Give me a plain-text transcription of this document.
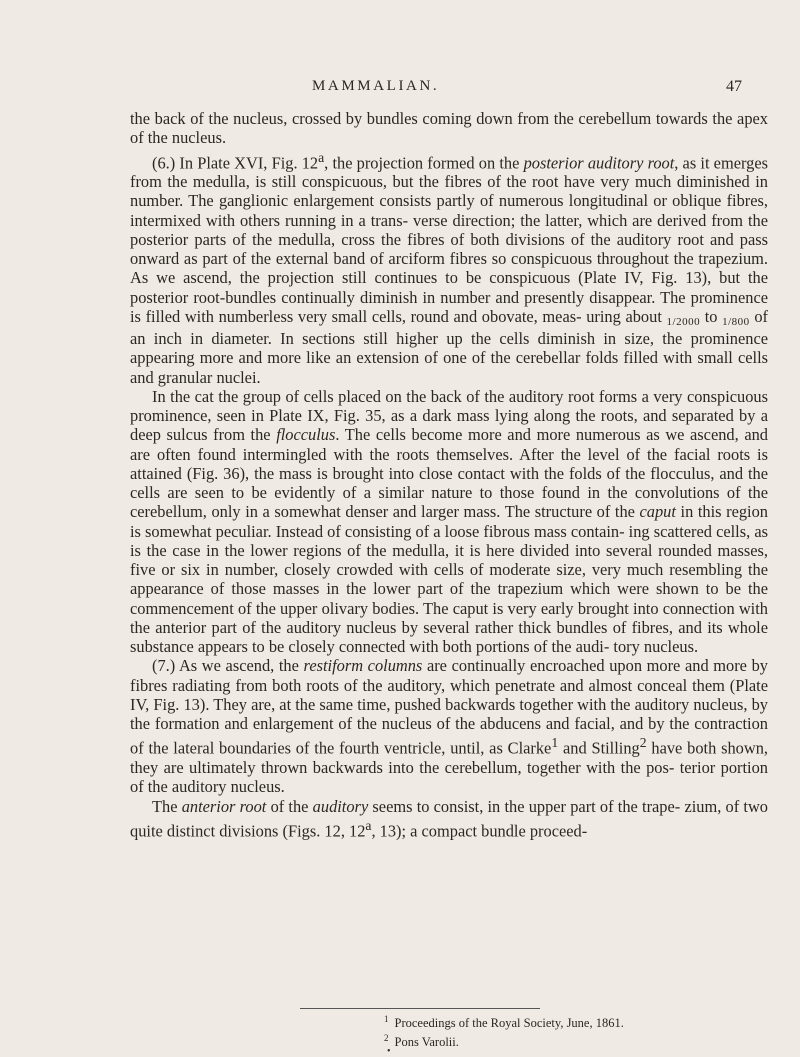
MAMMALIAN.	47

the back of the nucleus, crossed by bundles coming down from the cerebellum towards the apex of the nucleus.

(6.) In Plate XVI, Fig. 12$^a$, the projection formed on the posterior auditory root, as it emerges from the medulla, is still conspicuous, but the fibres of the root have very much diminished in number. The ganglionic enlargement consists partly of numerous longitudinal or oblique fibres, intermixed with others running in a trans- verse direction; the latter, which are derived from the posterior parts of the medulla, cross the fibres of both divisions of the auditory root and pass onward as part of the external band of arciform fibres so conspicuous throughout the trapezium. As we ascend, the projection still continues to be conspicuous (Plate IV, Fig. 13), but the posterior root-bundles continually diminish in number and presently disappear. The prominence is filled with numberless very small cells, round and obovate, meas- uring about 1/2000 to 1/800 of an inch in diameter. In sections still higher up the cells diminish in size, the prominence appearing more and more like an extension of one of the cerebellar folds filled with small cells and granular nuclei.

In the cat the group of cells placed on the back of the auditory root forms a very conspicuous prominence, seen in Plate IX, Fig. 35, as a dark mass lying along the roots, and separated by a deep sulcus from the flocculus. The cells become more and more numerous as we ascend, and are often found intermingled with the roots themselves. After the level of the facial roots is attained (Fig. 36), the mass is brought into close contact with the folds of the flocculus, and the cells are seen to be evidently of a similar nature to those found in the convolutions of the cerebellum, only in a somewhat denser and larger mass. The structure of the caput in this region is somewhat peculiar. Instead of consisting of a loose fibrous mass contain- ing scattered cells, as is the case in the lower regions of the medulla, it is here divided into several rounded masses, five or six in number, closely crowded with cells of moderate size, very much resembling the appearance of those masses in the lower part of the trapezium which were shown to be the commencement of the upper olivary bodies. The caput is very early brought into connection with the anterior part of the auditory nucleus by several rather thick bundles of fibres, and its whole substance appears to be closely connected with both portions of the audi- tory nucleus.

(7.) As we ascend, the restiform columns are continually encroached upon more and more by fibres radiating from both roots of the auditory, which penetrate and almost conceal them (Plate IV, Fig. 13). They are, at the same time, pushed backwards together with the auditory nucleus, by the formation and enlargement of the nucleus of the abducens and facial, and by the contraction of the lateral boundaries of the fourth ventricle, until, as Clarke$^1$ and Stilling$^2$ have both shown, they are ultimately thrown backwards into the cerebellum, together with the pos- terior portion of the auditory nucleus.

The anterior root of the auditory seems to consist, in the upper part of the trape- zium, of two quite distinct divisions (Figs. 12, 12$^a$, 13); a compact bundle proceed-

$^1$ Proceedings of the Royal Society, June, 1861.
$^2$ Pons Varolii.
•
